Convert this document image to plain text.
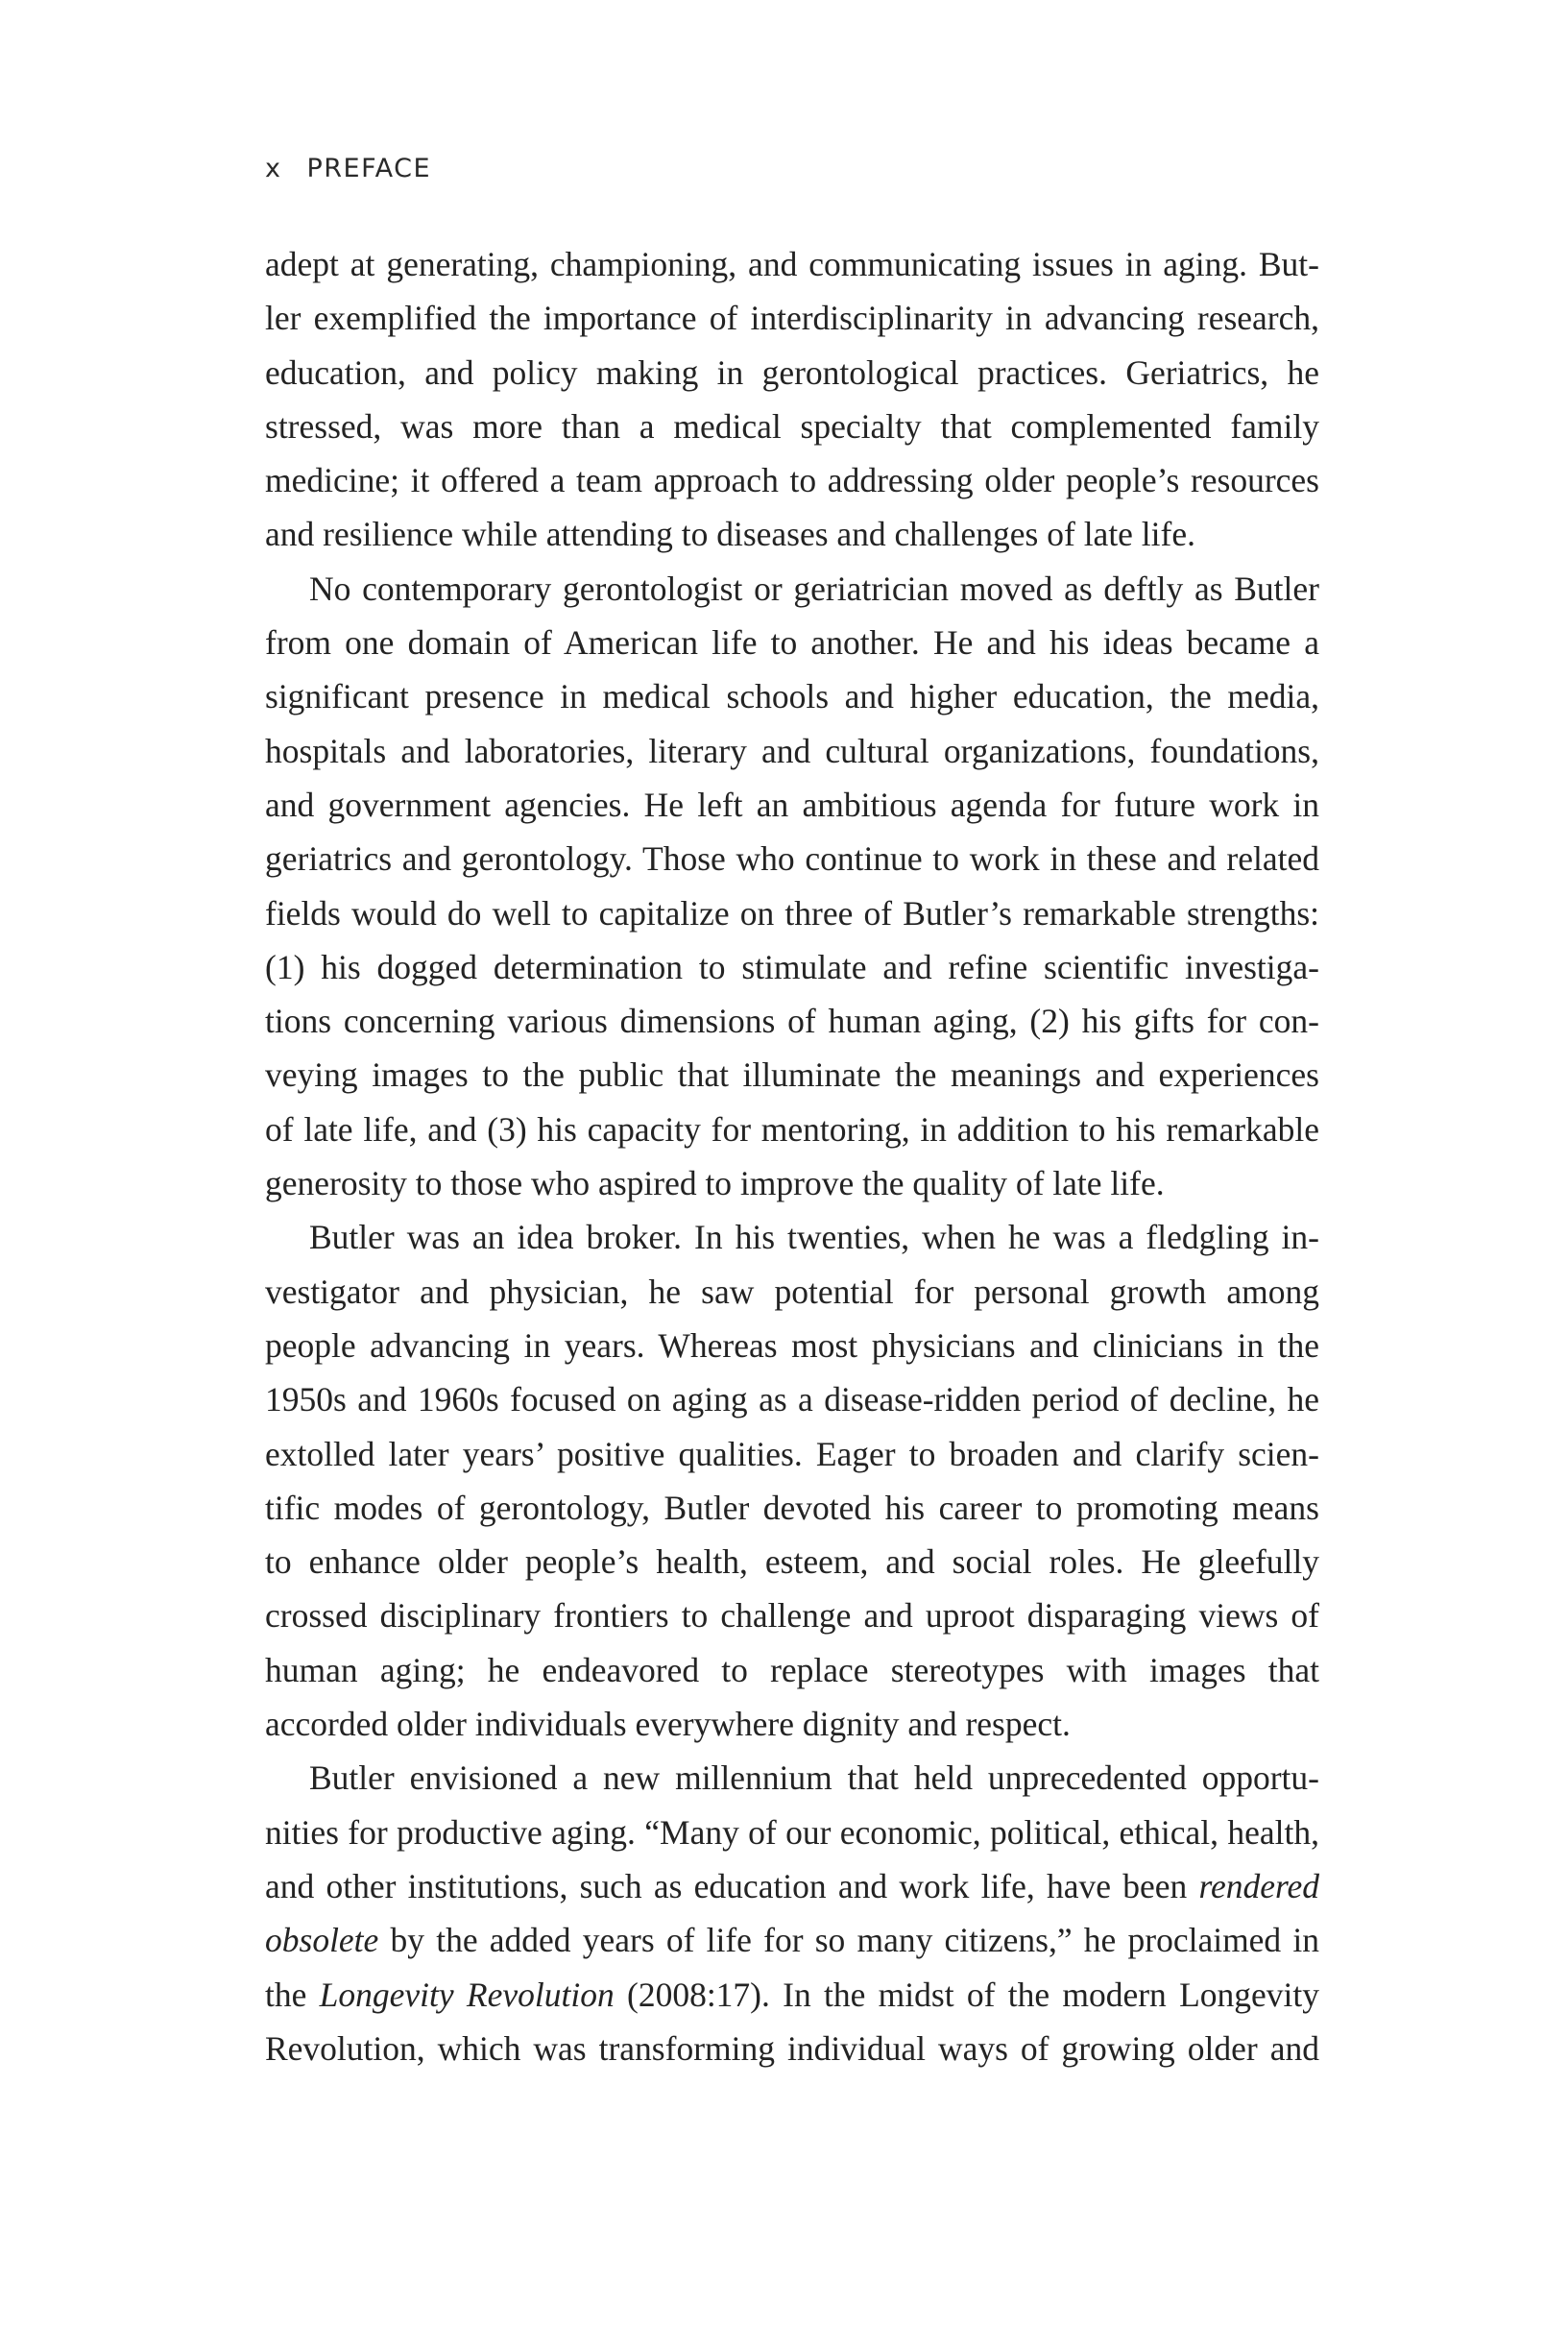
x PREFACE
adept at generating, championing, and communicating issues in aging. But-
ler exemplified the importance of interdisciplinarity in advancing research,
education, and policy making in gerontological practices. Geriatrics, he
stressed, was more than a medical specialty that complemented family
medicine; it offered a team approach to addressing older people’s resources
and resilience while attending to diseases and challenges of late life.
No contemporary gerontologist or geriatrician moved as deftly as Butler
from one domain of American life to another. He and his ideas became a
significant presence in medical schools and higher education, the media,
hospitals and laboratories, literary and cultural organizations, foundations,
and government agencies. He left an ambitious agenda for future work in
geriatrics and gerontology. Those who continue to work in these and related
fields would do well to capitalize on three of Butler’s remarkable strengths:
(1) his dogged determination to stimulate and refine scientific investiga-
tions concerning various dimensions of human aging, (2) his gifts for con-
veying images to the public that illuminate the meanings and experiences
of late life, and (3) his capacity for mentoring, in addition to his remarkable
generosity to those who aspired to improve the quality of late life.
Butler was an idea broker. In his twenties, when he was a fledgling in-
vestigator and physician, he saw potential for personal growth among
people advancing in years. Whereas most physicians and clinicians in the
1950s and 1960s focused on aging as a disease-ridden period of decline, he
extolled later years’ positive qualities. Eager to broaden and clarify scien-
tific modes of gerontology, Butler devoted his career to promoting means
to enhance older people’s health, esteem, and social roles. He gleefully
crossed disciplinary frontiers to challenge and uproot disparaging views of
human aging; he endeavored to replace stereotypes with images that
accorded older individuals everywhere dignity and respect.
Butler envisioned a new millennium that held unprecedented opportu-
nities for productive aging. “Many of our economic, political, ethical, health,
and other institutions, such as education and work life, have been rendered
obsolete by the added years of life for so many citizens,” he proclaimed in
the Longevity Revolution (2008:17). In the midst of the modern Longevity
Revolution, which was transforming individual ways of growing older and
